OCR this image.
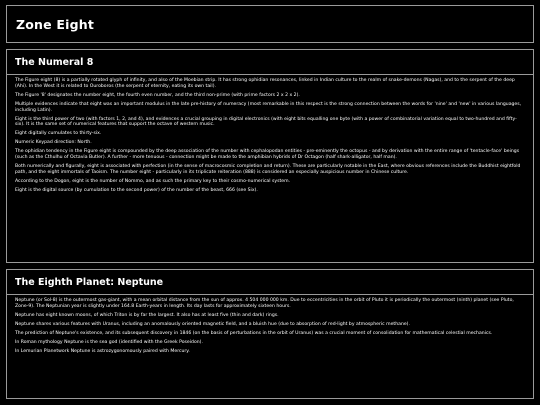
Zone Eight
The Numeral 8

The Figure eight (8) is a partially rotated glyph of infinity, and also of the Moebian strip. It has strong ophidian resonances, linked in Indian culture to the realm of snake-demons (Nagas), and to the serpent of the deep (Ahi). In the West it is related to Ouroboros (the serpent of eternity, eating its own tail).

The Figure '8' designates the number eight, the fourth even number, and the third non-prime (with prime factors 2 x 2 x 2).

Multiple evidences indicate that eight was an important modulus in the late pre-history of numeracy (most remarkable in this respect is the strong connection between the words for 'nine' and 'new' in various languages, including Latin).

Eight is the third power of two (with factors 1, 2, and 4), and evidences a crucial grouping in digital electronics (with eight bits equalling one byte (with a power of combinatorial variation equal to two-hundred and fifty-six). It is the same set of numerical features that support the octave of western music.

Eight digitally cumulates to thirty-six.

Numeric Keypad direction: North.

The ophidian tendency in the Figure eight is compounded by the deep association of the number with cephalopodan entities - pre-eminently the octopus - and by derivation with the entire range of 'tentacle-face' beings (such as the Cthulhu of Octavia Butler). A further - more tenuous - connection might be made to the amphibian hybrids of Dr Octagon (half shark-alligator, half man).

Both numerically and figurally, eight is associated with perfection (in the sense of macrocosmic completion and return). These are particularly notable in the East, where obvious references include the Buddhist eightfold path, and the eight immortals of Taoism. The number eight - particularly in its triplicate reiteration (888) is considered an especially auspicious number in Chinese culture.

According to the Dogon, eight is the number of Nommo, and as such the primary key to their cosmo-numerical system.

Eight is the digital source (by cumulation to the second power) of the number of the beast, 666 (see Six).

The Eighth Planet: Neptune

Neptune (or Sol-8) is the outermost gas-giant, with a mean orbital distance from the sun of approx. 4 504 000 000 km. Due to eccentricities in the orbit of Pluto it is periodically the outermost (ninth) planet (see Pluto, Zone-9). The Neptunian year is slightly under 164.8 Earth-years in length. Its day lasts for approximately sixteen hours.

Neptune has eight known moons, of which Triton is by far the largest. It also has at least five (thin and dark) rings.

Neptune shares various features with Uranus, including an anomalously oriented magnetic field, and a bluish hue (due to absorption of red-light by atmospheric methane).

The prediction of Neptune's existence, and its subsequent discovery in 1846 (on the basis of perturbations in the orbit of Uranus) was a crucial moment of consolidation for mathematical celestial mechanics.

In Roman mythology Neptune is the sea god (identified with the Greek Poseidon).

In Lemurian Planetwork Neptune is astrozygonomously paired with Mercury.
